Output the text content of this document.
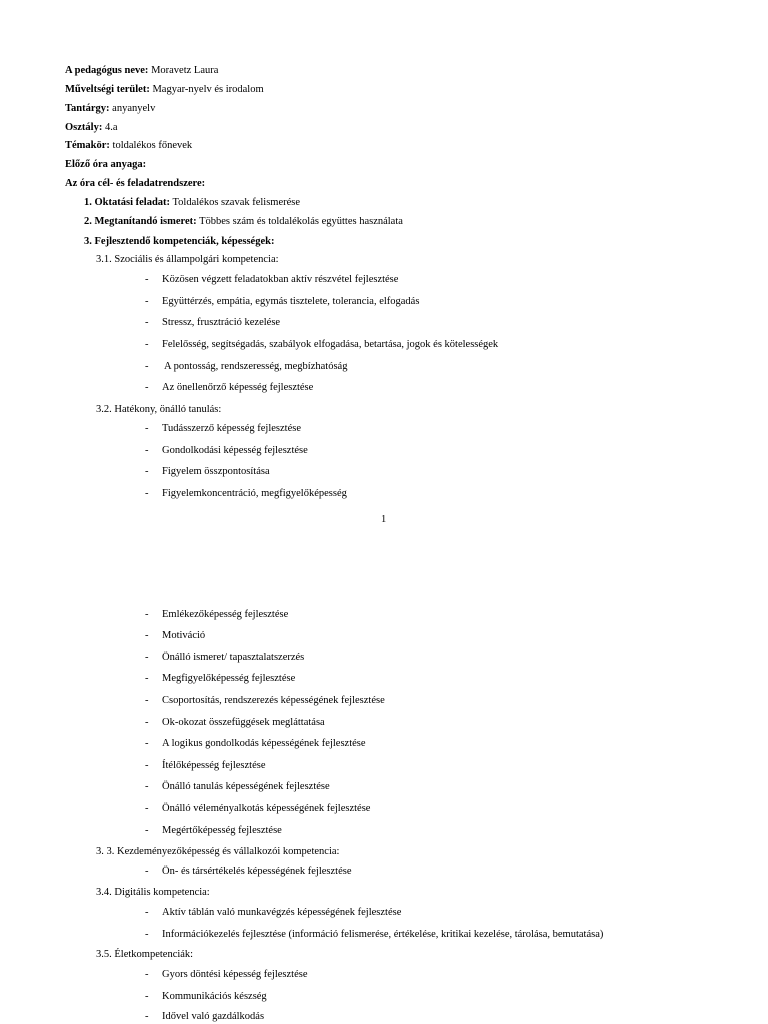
A pedagógus neve: Moravetz Laura
Műveltségi terület: Magyar-nyelv és irodalom
Tantárgy: anyanyelv
Osztály: 4.a
Témakör: toldalékos főnevek
Előző óra anyaga:
Az óra cél- és feladatrendszere:
1. Oktatási feladat: Toldalékos szavak felismerése
2. Megtanítandó ismeret: Többes szám és toldalékolás együttes használata
3. Fejlesztendő kompetenciák, képességek:
3.1. Szociális és állampolgári kompetencia:
- Közösen végzett feladatokban aktív részvétel fejlesztése
- Együttérzés, empátia, egymás tisztelete, tolerancia, elfogadás
- Stressz, frusztráció kezelése
- Felelősség, segítségadás, szabályok elfogadása, betartása, jogok és kötelességek
- A pontosság, rendszeresség, megbízhatóság
- Az önellenőrző képesség fejlesztése
3.2. Hatékony, önálló tanulás:
- Tudásszerző képesség fejlesztése
- Gondolkodási képesség fejlesztése
- Figyelem összpontosítása
- Figyelemkoncentráció, megfigyelőképesség
1
- Emlékezőképesség fejlesztése
- Motiváció
- Önálló ismeret/ tapasztalatszerzés
- Megfigyelőképesség fejlesztése
- Csoportosítás, rendszerezés képességének fejlesztése
- Ok-okozat összefüggések megláttatása
- A logikus gondolkodás képességének fejlesztése
- Ítélőképesség fejlesztése
- Önálló tanulás képességének fejlesztése
- Önálló véleményalkotás képességének fejlesztése
- Megértőképesség fejlesztése
3. 3. Kezdeményezőképesség és vállalkozói kompetencia:
- Ön- és társértékelés képességének fejlesztése
3.4. Digitális kompetencia:
- Aktív táblán való munkavégzés képességének fejlesztése
- Információkezelés fejlesztése (információ felismerése, értékelése, kritikai kezelése, tárolása, bemutatása)
3.5. Életkompetenciák:
- Gyors döntési képesség fejlesztése
- Kommunikációs készség
- Idővel való gazdálkodás
